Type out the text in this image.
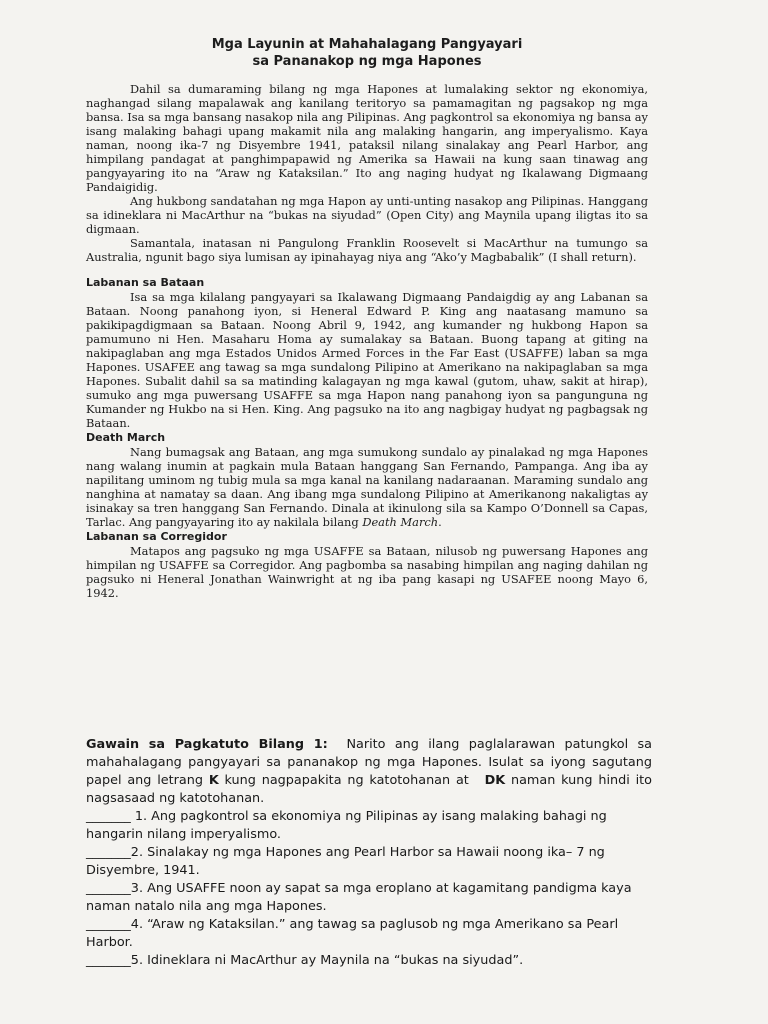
Mga Layunin at Mahahalagang Pangyayari
sa Pananakop ng mga Hapones

Dahil sa dumaraming bilang ng mga Hapones at lumalaking sektor ng ekonomiya, naghangad silang mapalawak ang kanilang teritoryo sa pamamagitan ng pagsakop ng mga bansa. Isa sa mga bansang nasakop nila ang Pilipinas. Ang pagkontrol sa ekonomiya ng bansa ay isang malaking bahagi upang makamit nila ang malaking hangarin, ang imperyalismo. Kaya naman, noong ika-7 ng Disyembre 1941, pataksil nilang sinalakay ang Pearl Harbor, ang himpilang pandagat at panghimpapawid ng Amerika sa Hawaii na kung saan tinawag ang pangyayaring ito na “Araw ng Kataksilan.” Ito ang naging hudyat ng Ikalawang Digmaang Pandaigidig.

Ang hukbong sandatahan ng mga Hapon ay unti-unting nasakop ang Pilipinas. Hanggang sa idineklara ni MacArthur na “bukas na siyudad” (Open City) ang Maynila upang iligtas ito sa digmaan.

Samantala, inatasan ni Pangulong Franklin Roosevelt si MacArthur na tumungo sa Australia, ngunit bago siya lumisan ay ipinahayag niya ang “Ako’y Magbabalik” (I shall return).

Labanan sa Bataan

Isa sa mga kilalang pangyayari sa Ikalawang Digmaang Pandaigdig ay ang Labanan sa Bataan. Noong panahong iyon, si Heneral Edward P. King ang naatasang mamuno sa pakikipagdigmaan sa Bataan. Noong Abril 9, 1942, ang kumander ng hukbong Hapon sa pamumuno ni Hen. Masaharu Homa ay sumalakay sa Bataan. Buong tapang at giting na nakipaglaban ang mga Estados Unidos Armed Forces in the Far East (USAFFE) laban sa mga Hapones. USAFEE ang tawag sa mga sundalong Pilipino at Amerikano na nakipaglaban sa mga Hapones. Subalit dahil sa sa matinding kalagayan ng mga kawal (gutom, uhaw, sakit at hirap), sumuko ang mga puwersang USAFFE sa mga Hapon nang panahong iyon sa pangunguna ng Kumander ng Hukbo na si Hen. King. Ang pagsuko na ito ang nagbigay hudyat ng pagbagsak ng Bataan.

Death March

Nang bumagsak ang Bataan, ang mga sumukong sundalo ay pinalakad ng mga Hapones nang walang inumin at pagkain mula Bataan hanggang San Fernando, Pampanga. Ang iba ay napilitang uminom ng tubig mula sa mga kanal na kanilang nadaraanan. Maraming sundalo ang nanghina at namatay sa daan. Ang ibang mga sundalong Pilipino at Amerikanong nakaligtas ay isinakay sa tren hanggang San Fernando. Dinala at ikinulong sila sa Kampo O’Donnell sa Capas, Tarlac. Ang pangyayaring ito ay nakilala bilang Death March.

Labanan sa Corregidor

Matapos ang pagsuko ng mga USAFFE sa Bataan, nilusob ng puwersang Hapones ang himpilan ng USAFFE sa Corregidor. Ang pagbomba sa nasabing himpilan ang naging dahilan ng pagsuko ni Heneral Jonathan Wainwright at ng iba pang kasapi ng USAFEE noong Mayo 6, 1942.

Gawain sa Pagkatuto Bilang 1: Narito ang ilang paglalarawan patungkol sa mahahalagang pangyayari sa pananakop ng mga Hapones. Isulat sa iyong sagutang papel ang letrang K kung nagpapakita ng katotohanan at DK naman kung hindi ito nagsasaad ng katotohanan.

_______ 1. Ang pagkontrol sa ekonomiya ng Pilipinas ay isang malaking bahagi ng hangarin nilang imperyalismo.

_______2. Sinalakay ng mga Hapones ang Pearl Harbor sa Hawaii noong ika– 7 ng Disyembre, 1941.

_______3. Ang USAFFE noon ay sapat sa mga eroplano at kagamitang pandigma kaya naman natalo nila ang mga Hapones.

_______4. “Araw ng Kataksilan.” ang tawag sa paglusob ng mga Amerikano sa Pearl Harbor.

_______5. Idineklara ni MacArthur ay Maynila na “bukas na siyudad”.
